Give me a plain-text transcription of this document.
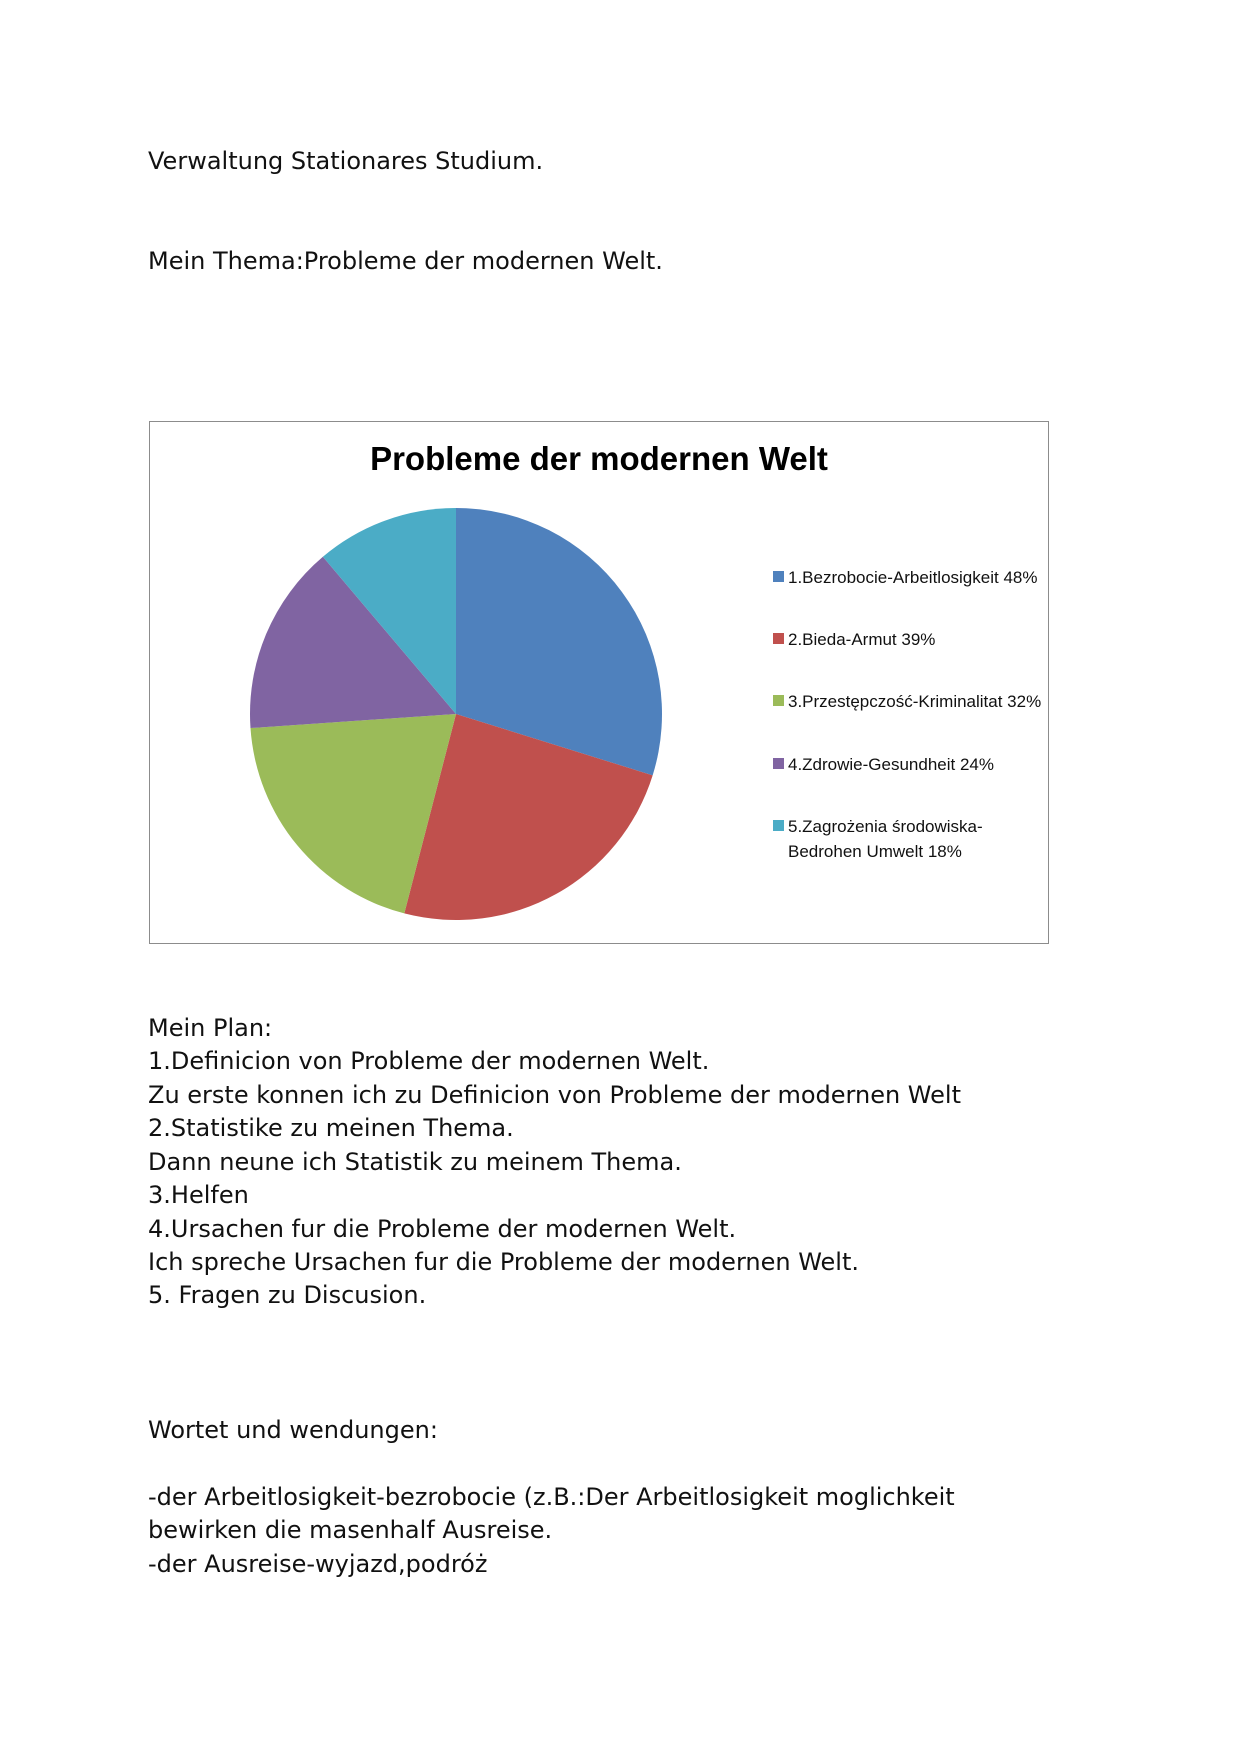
Verwaltung Stationares Studium.

Mein Thema:Probleme der modernen Welt.

Probleme der modernen Welt

1.Bezrobocie-Arbeitlosigkeit 48%
2.Bieda-Armut 39%
3.Przestępczość-Kriminalitat 32%
4.Zdrowie-Gesundheit 24%
5.Zagrożenia środowiska- Bedrohen Umwelt 18%

Mein Plan:

1.Definicion von Probleme der modernen Welt.

Zu erste konnen ich zu Definicion von Probleme der modernen Welt

2.Statistike zu meinen Thema.

Dann neune ich Statistik zu meinem Thema.

3.Helfen

4.Ursachen fur die Probleme der modernen Welt.

Ich spreche Ursachen fur die Probleme der modernen Welt.

5. Fragen zu Discusion.

Wortet und wendungen:

-der Arbeitlosigkeit-bezrobocie (z.B.:Der Arbeitlosigkeit moglichkeit

bewirken die masenhalf Ausreise.

-der Ausreise-wyjazd,podróż
